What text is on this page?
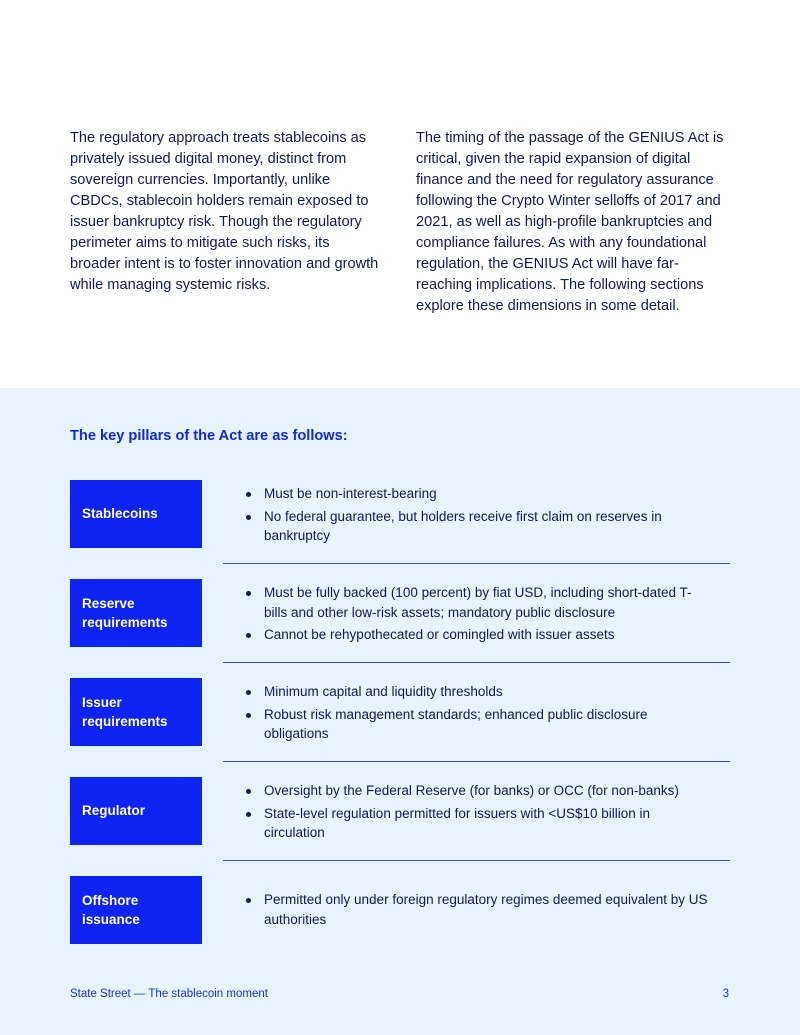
The regulatory approach treats stablecoins as privately issued digital money, distinct from sovereign currencies. Importantly, unlike CBDCs, stablecoin holders remain exposed to issuer bankruptcy risk. Though the regulatory perimeter aims to mitigate such risks, its broader intent is to foster innovation and growth while managing systemic risks.

The timing of the passage of the GENIUS Act is critical, given the rapid expansion of digital finance and the need for regulatory assurance following the Crypto Winter selloffs of 2017 and 2021, as well as high-profile bankruptcies and compliance failures. As with any foundational regulation, the GENIUS Act will have far-reaching implications. The following sections explore these dimensions in some detail.

The key pillars of the Act are as follows:
Stablecoins
Must be non-interest-bearing
No federal guarantee, but holders receive first claim on reserves in bankruptcy
Reserve requirements
Must be fully backed (100 percent) by fiat USD, including short-dated T-bills and other low-risk assets; mandatory public disclosure
Cannot be rehypothecated or comingled with issuer assets
Issuer requirements
Minimum capital and liquidity thresholds
Robust risk management standards; enhanced public disclosure obligations
Regulator
Oversight by the Federal Reserve (for banks) or OCC (for non-banks)
State-level regulation permitted for issuers with <US$10 billion in circulation
Offshore issuance
Permitted only under foreign regulatory regimes deemed equivalent by US authorities
State Street — The stablecoin moment	3
